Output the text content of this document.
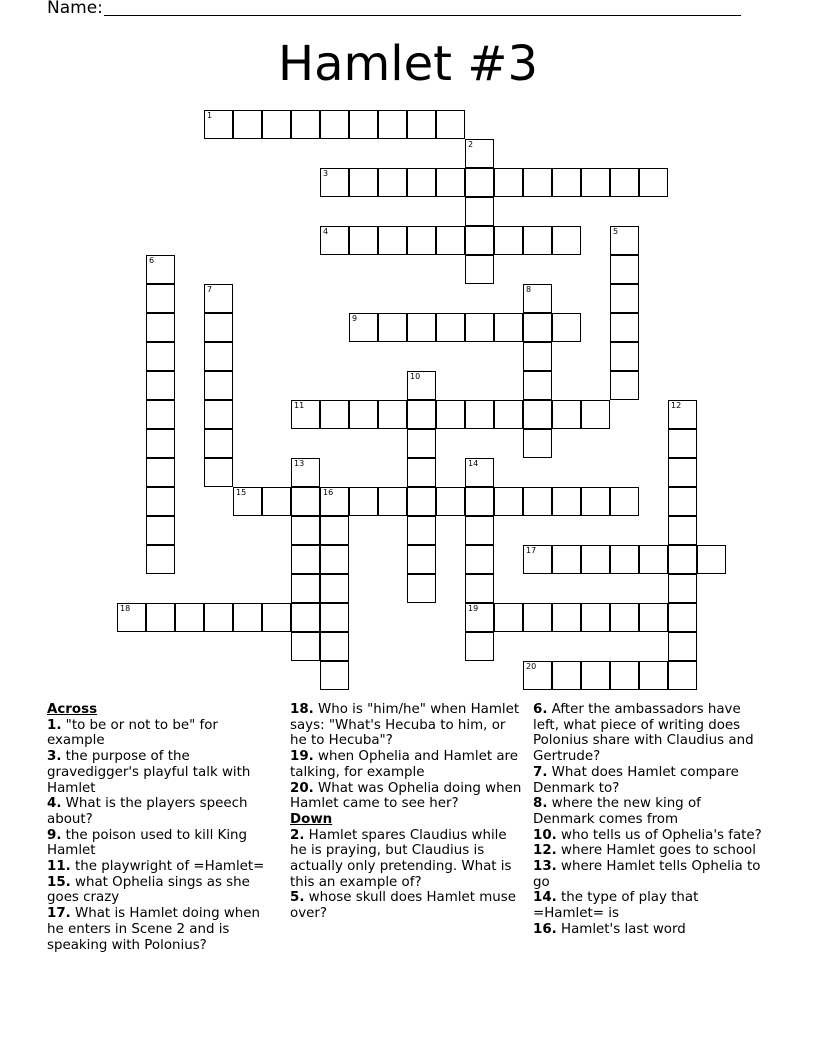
Name:
Hamlet #3
1
2
3
4	5
6
7	8
9
10
11	12
13	14
15	16
17
18	19
20
Across
1. "to be or not to be" for example
3. the purpose of the gravedigger's playful talk with Hamlet
4. What is the players speech about?
9. the poison used to kill King Hamlet
11. the playwright of =Hamlet=
15. what Ophelia sings as she goes crazy
17. What is Hamlet doing when he enters in Scene 2 and is speaking with Polonius?
18. Who is "him/he" when Hamlet says: "What's Hecuba to him, or he to Hecuba"?
19. when Ophelia and Hamlet are talking, for example
20. What was Ophelia doing when Hamlet came to see her?
Down
2. Hamlet spares Claudius while he is praying, but Claudius is actually only pretending. What is this an example of?
5. whose skull does Hamlet muse over?
6. After the ambassadors have left, what piece of writing does Polonius share with Claudius and Gertrude?
7. What does Hamlet compare Denmark to?
8. where the new king of Denmark comes from
10. who tells us of Ophelia's fate?
12. where Hamlet goes to school
13. where Hamlet tells Ophelia to go
14. the type of play that =Hamlet= is
16. Hamlet's last word
